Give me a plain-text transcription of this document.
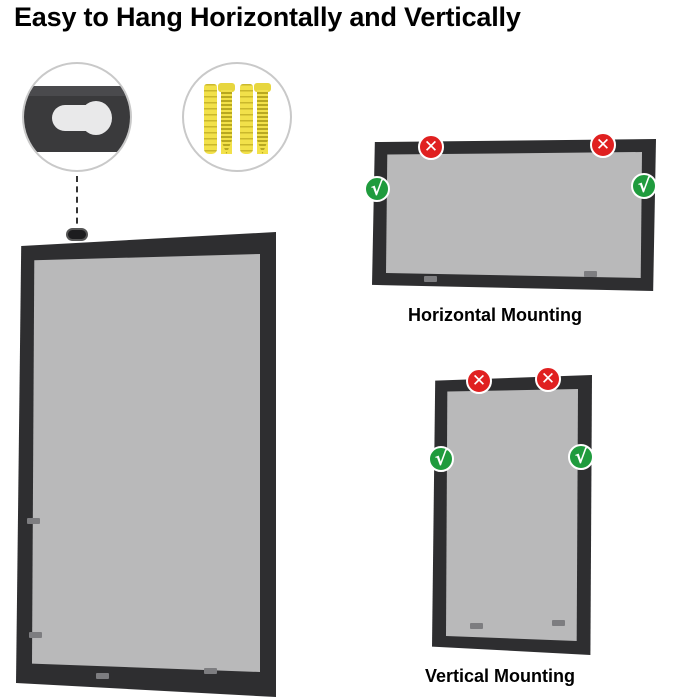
Easy to Hang Horizontally and Vertically
✕	✕
√	√
Horizontal Mounting
✕	✕
√	√
Vertical Mounting
